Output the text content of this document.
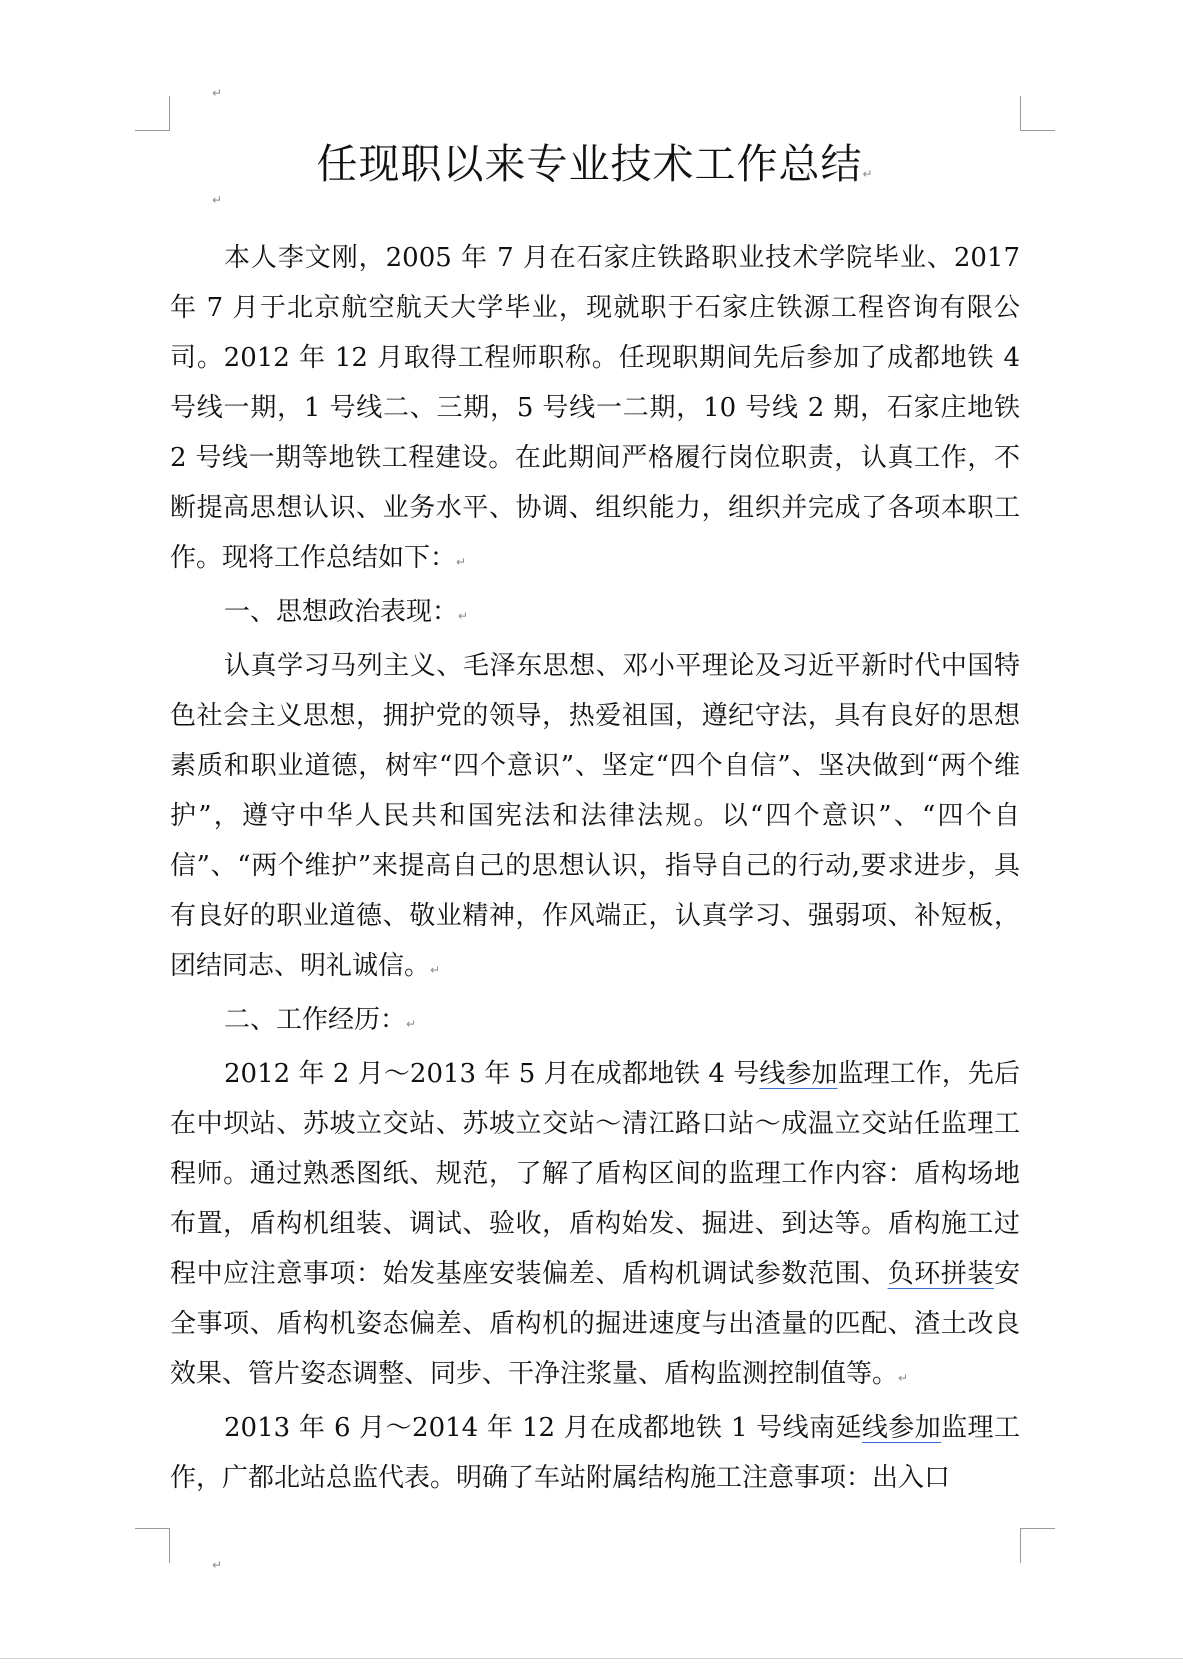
↵
任现职以来专业技术工作总结↵
↵

本人李文刚，2005 年 7 月在石家庄铁路职业技术学院毕业、2017 年 7 月于北京航空航天大学毕业，现就职于石家庄铁源工程咨询有限公司。2012 年 12 月取得工程师职称。任现职期间先后参加了成都地铁 4 号线一期，1 号线二、三期，5 号线一二期，10 号线 2 期，石家庄地铁 2 号线一期等地铁工程建设。在此期间严格履行岗位职责，认真工作，不断提高思想认识、业务水平、协调、组织能力，组织并完成了各项本职工作。现将工作总结如下：↵

一、思想政治表现：↵

认真学习马列主义、毛泽东思想、邓小平理论及习近平新时代中国特色社会主义思想，拥护党的领导，热爱祖国，遵纪守法，具有良好的思想素质和职业道德，树牢“四个意识”、坚定“四个自信”、坚决做到“两个维护”，遵守中华人民共和国宪法和法律法规。以“四个意识”、“四个自信”、“两个维护”来提高自己的思想认识，指导自己的行动,要求进步，具有良好的职业道德、敬业精神，作风端正，认真学习、强弱项、补短板，团结同志、明礼诚信。↵

二、工作经历：↵

2012 年 2 月～2013 年 5 月在成都地铁 4 号线参加监理工作，先后在中坝站、苏坡立交站、苏坡立交站～清江路口站～成温立交站任监理工程师。通过熟悉图纸、规范，了解了盾构区间的监理工作内容：盾构场地布置，盾构机组装、调试、验收，盾构始发、掘进、到达等。盾构施工过程中应注意事项：始发基座安装偏差、盾构机调试参数范围、负环拼装安全事项、盾构机姿态偏差、盾构机的掘进速度与出渣量的匹配、渣土改良效果、管片姿态调整、同步、干净注浆量、盾构监测控制值等。↵

2013 年 6 月～2014 年 12 月在成都地铁 1 号线南延线参加监理工作，广都北站总监代表。明确了车站附属结构施工注意事项：出入口

↵
